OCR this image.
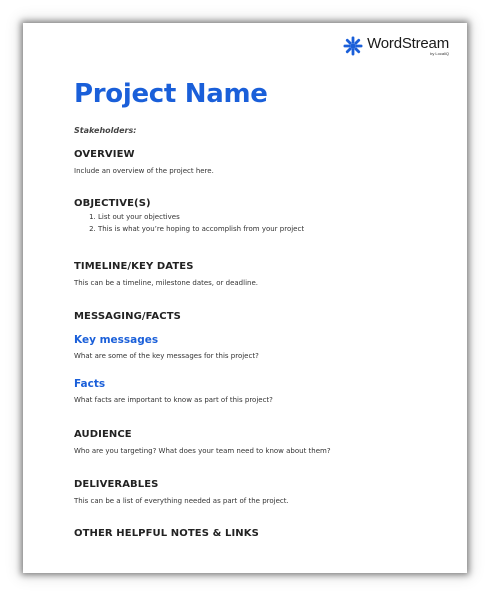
WordStream
by LocaliQ
Project Name
Stakeholders:
OVERVIEW
Include an overview of the project here.
OBJECTIVE(S)
1. List out your objectives
2. This is what you’re hoping to accomplish from your project
TIMELINE/KEY DATES
This can be a timeline, milestone dates, or deadline.
MESSAGING/FACTS
Key messages
What are some of the key messages for this project?
Facts
What facts are important to know as part of this project?
AUDIENCE
Who are you targeting? What does your team need to know about them?
DELIVERABLES
This can be a list of everything needed as part of the project.
OTHER HELPFUL NOTES & LINKS
